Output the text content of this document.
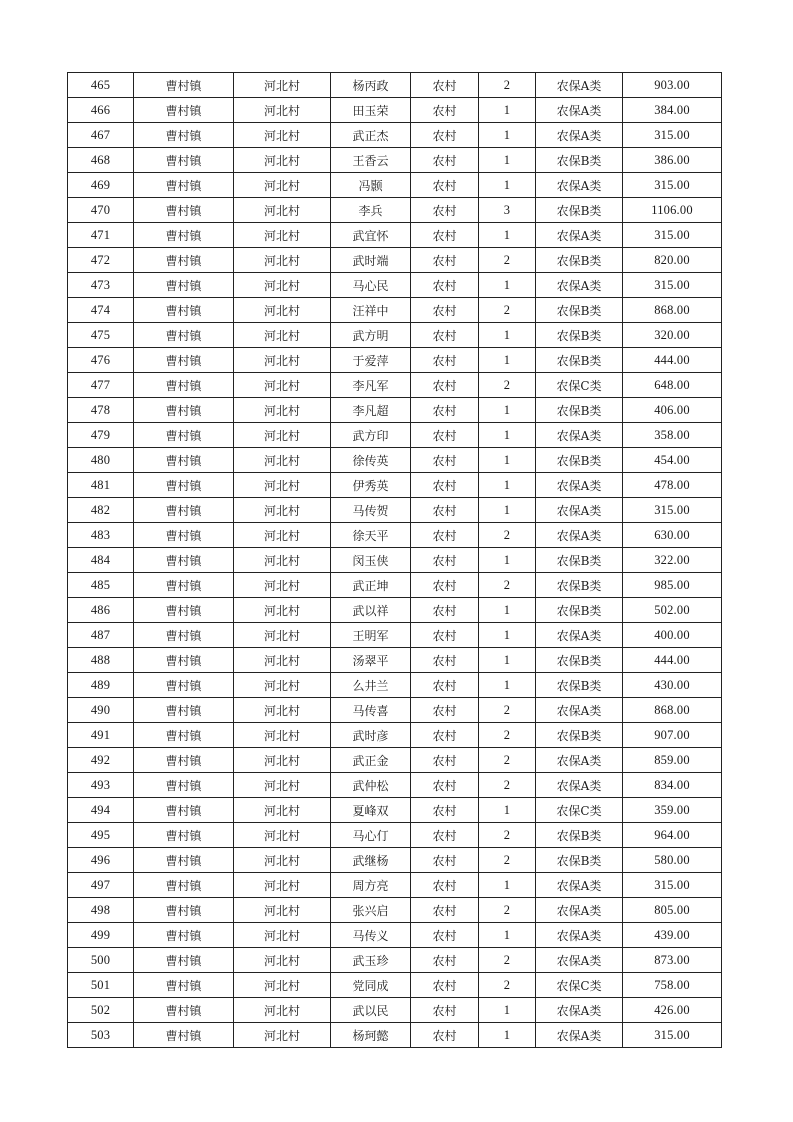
465	曹村镇	河北村	杨丙政	农村	2	农保A类	903.00
466	曹村镇	河北村	田玉荣	农村	1	农保A类	384.00
467	曹村镇	河北村	武正杰	农村	1	农保A类	315.00
468	曹村镇	河北村	王香云	农村	1	农保B类	386.00
469	曹村镇	河北村	冯颢	农村	1	农保A类	315.00
470	曹村镇	河北村	李兵	农村	3	农保B类	1106.00
471	曹村镇	河北村	武宜怀	农村	1	农保A类	315.00
472	曹村镇	河北村	武时端	农村	2	农保B类	820.00
473	曹村镇	河北村	马心民	农村	1	农保A类	315.00
474	曹村镇	河北村	汪祥中	农村	2	农保B类	868.00
475	曹村镇	河北村	武方明	农村	1	农保B类	320.00
476	曹村镇	河北村	于爱萍	农村	1	农保B类	444.00
477	曹村镇	河北村	李凡军	农村	2	农保C类	648.00
478	曹村镇	河北村	李凡超	农村	1	农保B类	406.00
479	曹村镇	河北村	武方印	农村	1	农保A类	358.00
480	曹村镇	河北村	徐传英	农村	1	农保B类	454.00
481	曹村镇	河北村	伊秀英	农村	1	农保A类	478.00
482	曹村镇	河北村	马传贺	农村	1	农保A类	315.00
483	曹村镇	河北村	徐天平	农村	2	农保A类	630.00
484	曹村镇	河北村	闵玉侠	农村	1	农保B类	322.00
485	曹村镇	河北村	武正坤	农村	2	农保B类	985.00
486	曹村镇	河北村	武以祥	农村	1	农保B类	502.00
487	曹村镇	河北村	王明军	农村	1	农保A类	400.00
488	曹村镇	河北村	汤翠平	农村	1	农保B类	444.00
489	曹村镇	河北村	么井兰	农村	1	农保B类	430.00
490	曹村镇	河北村	马传喜	农村	2	农保A类	868.00
491	曹村镇	河北村	武时彦	农村	2	农保B类	907.00
492	曹村镇	河北村	武正金	农村	2	农保A类	859.00
493	曹村镇	河北村	武仲松	农村	2	农保A类	834.00
494	曹村镇	河北村	夏峰双	农村	1	农保C类	359.00
495	曹村镇	河北村	马心仃	农村	2	农保B类	964.00
496	曹村镇	河北村	武继杨	农村	2	农保B类	580.00
497	曹村镇	河北村	周方亮	农村	1	农保A类	315.00
498	曹村镇	河北村	张兴启	农村	2	农保A类	805.00
499	曹村镇	河北村	马传义	农村	1	农保A类	439.00
500	曹村镇	河北村	武玉珍	农村	2	农保A类	873.00
501	曹村镇	河北村	党同成	农村	2	农保C类	758.00
502	曹村镇	河北村	武以民	农村	1	农保A类	426.00
503	曹村镇	河北村	杨珂懿	农村	1	农保A类	315.00
